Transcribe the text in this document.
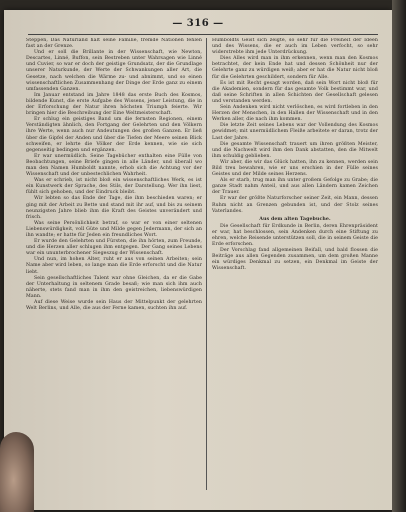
— 316 —

Steppen, Das Naturland hält seine Familie, fremde Nationen fehlen fast an der Grenze.

Und er soll die Brillante in der Wissenschaft, wie Newton, Descartes, Linné, Buffon, sein Bestreben unter Wahrsagen wie Linné und Cuvier, so war er doch der geistige Grundsatz, der die Grundlage unserer Naturkunde, der Werte der Schwankungen aller Art, die Gesetze, nach welchen die Wärme zu- und abnimmt, und so einen wissenschaftlichen Zusammenhang der Dinge der Erde ganz zu einem umfassenden Ganzen.

Im Januar entstand im Jahre 1848 das erste Buch des Kosmos, bildende Kunst, die erste Aufgabe des Wissens, jener Leistung, die in der Erforschung der Natur ihren höchsten Triumph feierte. Wir bringen hier die Beschreibung der Eine Weltmeisterschaft.

Er schlug ein geistiges Band um die fernsten Regionen, einem Verständigten ähnlich, den Fortgang der Gelehrten und den Völkern ihre Werte, wenn auch nur Andeutungen des großen Ganzen. Er ließ über die Gipfel der Anden und über die Tiefen der Meere seinen Blick schweifen, er lehrte die Völker der Erde kennen, wie sie sich gegenseitig bedingen und ergänzen.

Er war unermüdlich. Seine Tagebücher enthalten eine Fülle von Beobachtungen, seine Briefe gingen in alle Länder, und überall wo man den Namen Humboldt nannte, erhob sich die Achtung vor der Wissenschaft und der unbestechlichen Wahrheit.

Was er schrieb, ist nicht bloß ein wissenschaftliches Werk, es ist ein Kunstwerk der Sprache, des Stils, der Darstellung. Wer ihn liest, fühlt sich gehoben, und der Eindruck bleibt.

Wir lebten so das Ende der Tage, die ihm beschieden waren; er ging mit der Arbeit zu Bette und stand mit ihr auf, und bis zu seinem neunzigsten Jahre blieb ihm die Kraft des Geistes unverändert und frisch.

Was seine Persönlichkeit betraf, so war er von einer seltenen Liebenswürdigkeit, voll Güte und Milde gegen Jedermann, der sich an ihn wandte; er hatte für Jeden ein freundliches Wort.

Er wurde den Gelehrten und Fürsten, die ihn hörten, zum Freunde, und die Herzen aller schlugen ihm entgegen. Der Gang seines Lebens war ein ununterbrochener Siegeszug der Wissenschaft.

Und nun, im hohen Alter, ruht er aus von seinen Arbeiten; sein Name aber wird leben, so lange man die Erde erforscht und die Natur liebt.

Sein gesellschaftliches Talent war ohne Gleichen, da er die Gabe der Unterhaltung in seltenem Grade besaß; wie man sich ihm auch näherte, stets fand man in ihm den geistreichen, liebenswürdigen Mann.

Auf diese Weise wurde sein Haus der Mittelpunkt der gelehrten Welt Berlins, und Alle, die aus der Ferne kamen, suchten ihn auf.

Humboldts Geist sich zeigte, so sehr für die Freiheit der Ideen und des Wissens, die er auch im Leben verfocht, so sehr widerstrebte ihm jede Unterdrückung.

Dies Alles wird man in ihm erkennen, wenn man den Kosmos betrachtet, der kein Ende hat und dessen Schönheit nur der Gelehrte ganz zu würdigen weiß; aber er hat die Natur nicht bloß für die Gelehrten geschildert, sondern für Alle.

Es ist mit Recht gesagt worden, daß sein Wort nicht bloß für die Akademien, sondern für das gesamte Volk bestimmt war, und daß seine Schriften in allen Schichten der Gesellschaft gelesen und verstanden werden.

Sein Andenken wird nicht verlöschen, es wird fortleben in den Herzen der Menschen, in den Hallen der Wissenschaft und in den Werken aller, die nach ihm kommen.

Die letzte Zeit seines Lebens war der Vollendung des Kosmos gewidmet; mit unermüdlichem Fleiße arbeitete er daran, trotz der Last der Jahre.

Die gesamte Wissenschaft trauert um ihren größten Meister, und die Nachwelt wird ihm den Dank abstatten, den die Mitwelt ihm schuldig geblieben.

Wir aber, die wir das Glück hatten, ihn zu kennen, werden sein Bild treu bewahren, wie er uns erschien in der Fülle seines Geistes und der Milde seines Herzens.

Als er starb, trug man ihn unter großem Gefolge zu Grabe; die ganze Stadt nahm Anteil, und aus allen Ländern kamen Zeichen der Trauer.

Er war der größte Naturforscher seiner Zeit, ein Mann, dessen Ruhm nicht an Grenzen gebunden ist, und der Stolz seines Vaterlandes.

Aus dem alten Tagebuche.

Die Gesellschaft für Erdkunde in Berlin, deren Ehrenpräsident er war, hat beschlossen, sein Andenken durch eine Stiftung zu ehren, welche Reisende unterstützen soll, die in seinem Geiste die Erde erforschen.

Der Vorschlag fand allgemeinen Beifall, und bald flossen die Beiträge aus allen Gegenden zusammen, um dem großen Manne ein würdiges Denkmal zu setzen, ein Denkmal im Geiste der Wissenschaft.
